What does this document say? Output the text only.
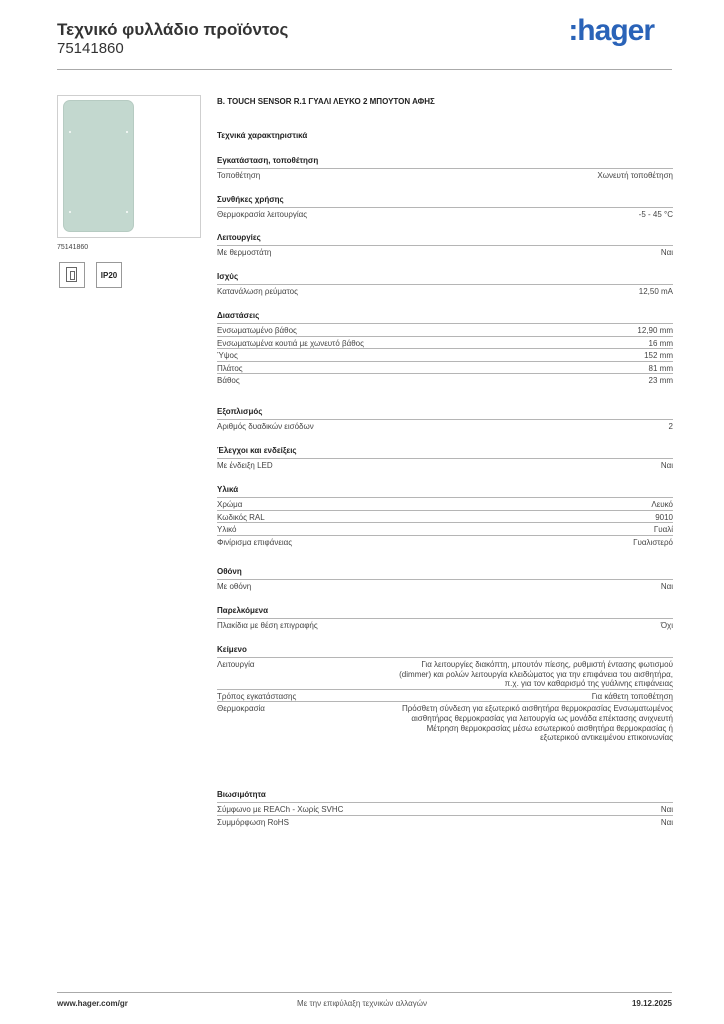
Τεχνικό φυλλάδιο προϊόντος
75141860
:hager
75141860
IP20
B. TOUCH SENSOR R.1 ΓΥΑΛΙ ΛΕΥΚΟ 2 ΜΠΟΥΤΟΝ ΑΦΗΣ
Τεχνικά χαρακτηριστικά
Εγκατάσταση, τοποθέτηση
Τοποθέτηση	Χωνευτή τοποθέτηση
Συνθήκες χρήσης
Θερμοκρασία λειτουργίας	-5 - 45 °C
Λειτουργίες
Με θερμοστάτη	Ναι
Ισχύς
Κατανάλωση ρεύματος	12,50 mA
Διαστάσεις
Ενσωματωμένο βάθος	12,90 mm
Ενσωματωμένα κουτιά με χωνευτό βάθος	16 mm
Ύψος	152 mm
Πλάτος	81 mm
Βάθος	23 mm
Εξοπλισμός
Αριθμός δυαδικών εισόδων	2
Έλεγχοι και ενδείξεις
Με ένδειξη LED	Ναι
Υλικά
Χρώμα	Λευκό
Κωδικός RAL	9010
Υλικό	Γυαλί
Φινίρισμα επιφάνειας	Γυαλιστερό
Οθόνη
Με οθόνη	Ναι
Παρελκόμενα
Πλακίδια με θέση επιγραφής	Όχι
Κείμενο
Λειτουργία	Για λειτουργίες διακόπτη, μπουτόν πίεσης, ρυθμιστή έντασης φωτισμού (dimmer) και ρολών λειτουργία κλειδώματος για την επιφάνεια του αισθητήρα, π.χ. για τον καθαρισμό της γυάλινης επιφάνειας
Τρόπος εγκατάστασης	Για κάθετη τοποθέτηση
Θερμοκρασία	Πρόσθετη σύνδεση για εξωτερικό αισθητήρα θερμοκρασίας Ενσωματωμένος αισθητήρας θερμοκρασίας για λειτουργία ως μονάδα επέκτασης ανιχνευτή Μέτρηση θερμοκρασίας μέσω εσωτερικού αισθητήρα θερμοκρασίας ή εξωτερικού αντικειμένου επικοινωνίας
Βιωσιμότητα
Σύμφωνο με REACh - Χωρίς SVHC	Ναι
Συμμόρφωση RoHS	Ναι
www.hager.com/gr	Με την επιφύλαξη τεχνικών αλλαγών	19.12.2025
